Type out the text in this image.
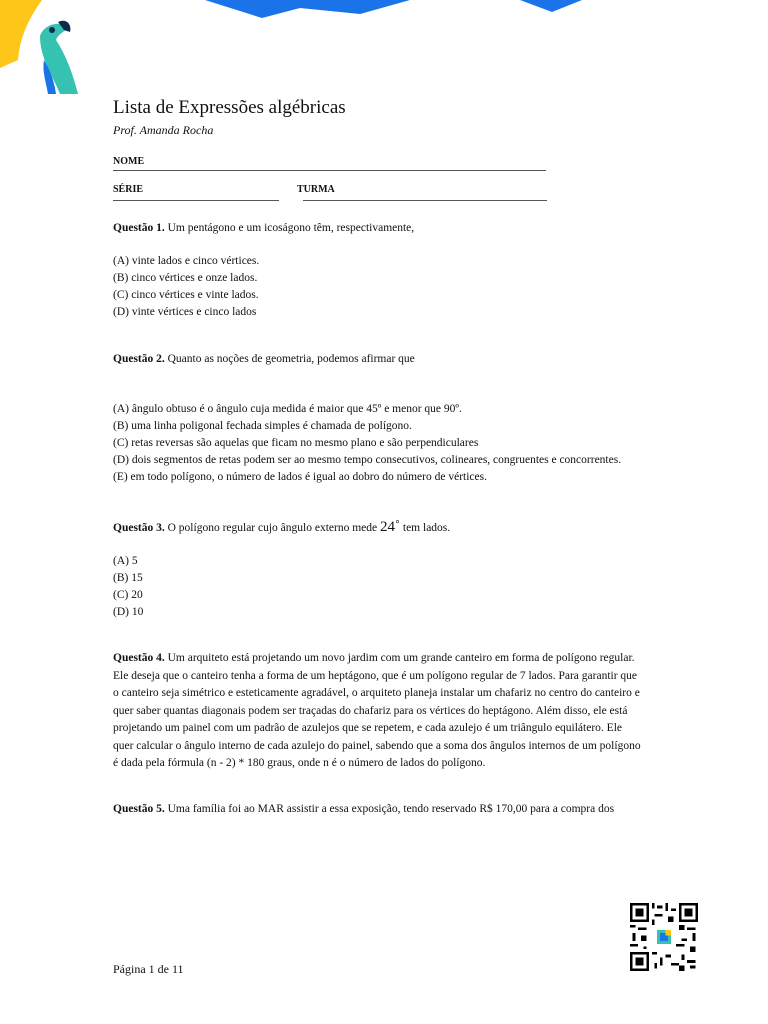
Lista de Expressões algébricas
Prof. Amanda Rocha
NOME
SÉRIE	TURMA
Questão 1. Um pentágono e um icoságono têm, respectivamente,
(A) vinte lados e cinco vértices.
(B) cinco vértices e onze lados.
(C) cinco vértices e vinte lados.
(D) vinte vértices e cinco lados
Questão 2. Quanto as noções de geometria, podemos afirmar que
(A) ângulo obtuso é o ângulo cuja medida é maior que 45º e menor que 90º.
(B) uma linha poligonal fechada simples é chamada de polígono.
(C) retas reversas são aquelas que ficam no mesmo plano e são perpendiculares
(D) dois segmentos de retas podem ser ao mesmo tempo consecutivos, colineares, congruentes e concorrentes.
(E) em todo polígono, o número de lados é igual ao dobro do número de vértices.
Questão 3. O polígono regular cujo ângulo externo mede 24˚ tem lados.
(A) 5
(B) 15
(C) 20
(D) 10
Questão 4. Um arquiteto está projetando um novo jardim com um grande canteiro em forma de polígono regular. Ele deseja que o canteiro tenha a forma de um heptágono, que é um polígono regular de 7 lados. Para garantir que o canteiro seja simétrico e esteticamente agradável, o arquiteto planeja instalar um chafariz no centro do canteiro e quer saber quantas diagonais podem ser traçadas do chafariz para os vértices do heptágono. Além disso, ele está projetando um painel com um padrão de azulejos que se repetem, e cada azulejo é um triângulo equilátero. Ele quer calcular o ângulo interno de cada azulejo do painel, sabendo que a soma dos ângulos internos de um polígono é dada pela fórmula (n - 2) * 180 graus, onde n é o número de lados do polígono.
Questão 5. Uma família foi ao MAR assistir a essa exposição, tendo reservado R$ 170,00 para a compra dos
Página 1 de 11
